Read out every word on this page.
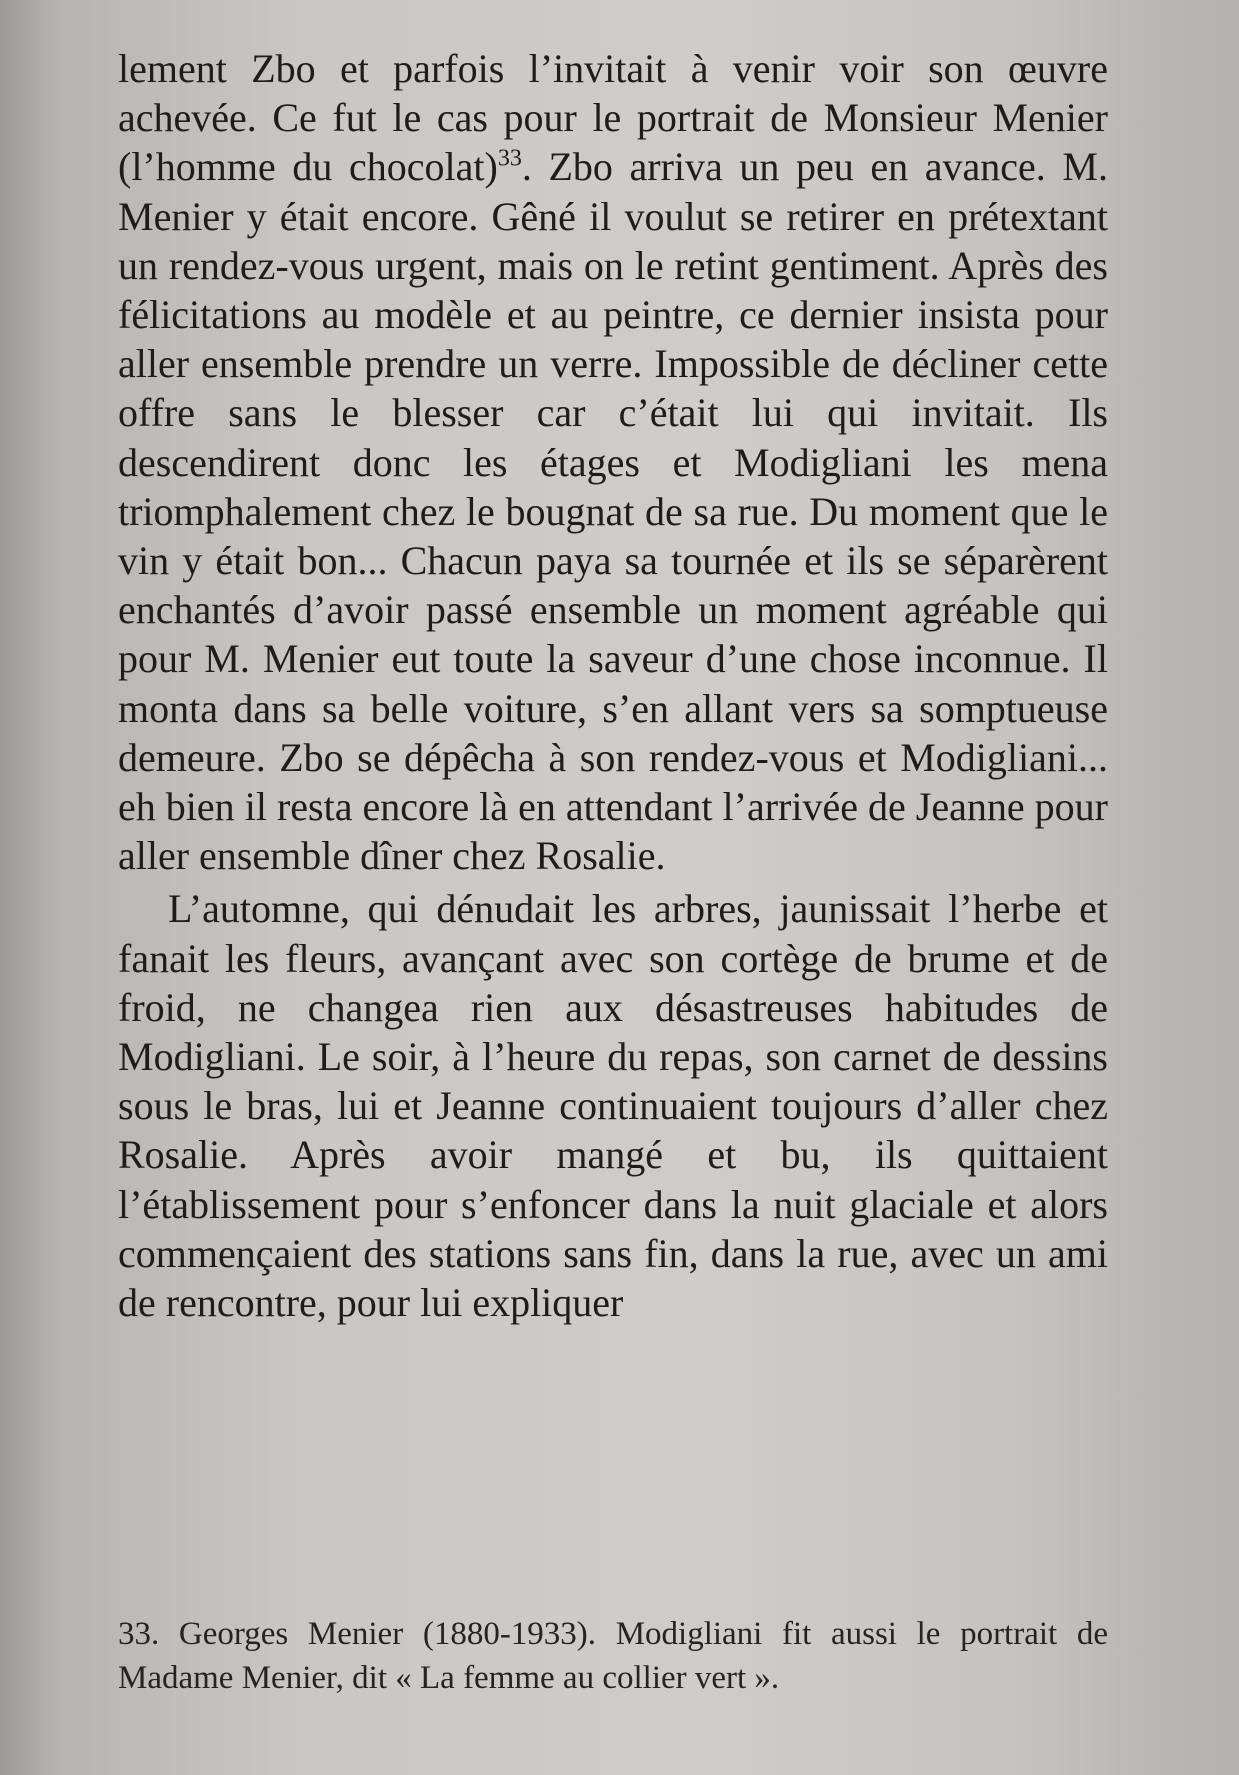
lement Zbo et parfois l’invitait à venir voir son œuvre achevée. Ce fut le cas pour le portrait de Monsieur Menier (l’homme du chocolat)$^{33}$. Zbo arriva un peu en avance. M. Menier y était encore. Gêné il voulut se retirer en prétextant un rendez-vous urgent, mais on le retint gentiment. Après des félicitations au modèle et au peintre, ce dernier insista pour aller ensemble prendre un verre. Impossible de décliner cette offre sans le blesser car c’était lui qui invitait. Ils descendirent donc les étages et Modigliani les mena triomphalement chez le bougnat de sa rue. Du moment que le vin y était bon... Chacun paya sa tournée et ils se séparèrent enchantés d’avoir passé ensemble un moment agréable qui pour M. Menier eut toute la saveur d’une chose inconnue. Il monta dans sa belle voiture, s’en allant vers sa somptueuse demeure. Zbo se dépêcha à son rendez-vous et Modigliani... eh bien il resta encore là en attendant l’arrivée de Jeanne pour aller ensemble dîner chez Rosalie.

L’automne, qui dénudait les arbres, jaunissait l’herbe et fanait les fleurs, avançant avec son cortège de brume et de froid, ne changea rien aux désastreuses habitudes de Modigliani. Le soir, à l’heure du repas, son carnet de dessins sous le bras, lui et Jeanne continuaient toujours d’aller chez Rosalie. Après avoir mangé et bu, ils quittaient l’établissement pour s’enfoncer dans la nuit glaciale et alors commençaient des stations sans fin, dans la rue, avec un ami de rencontre, pour lui expliquer

33. Georges Menier (1880-1933). Modigliani fit aussi le portrait de Madame Menier, dit « La femme au collier vert ».
